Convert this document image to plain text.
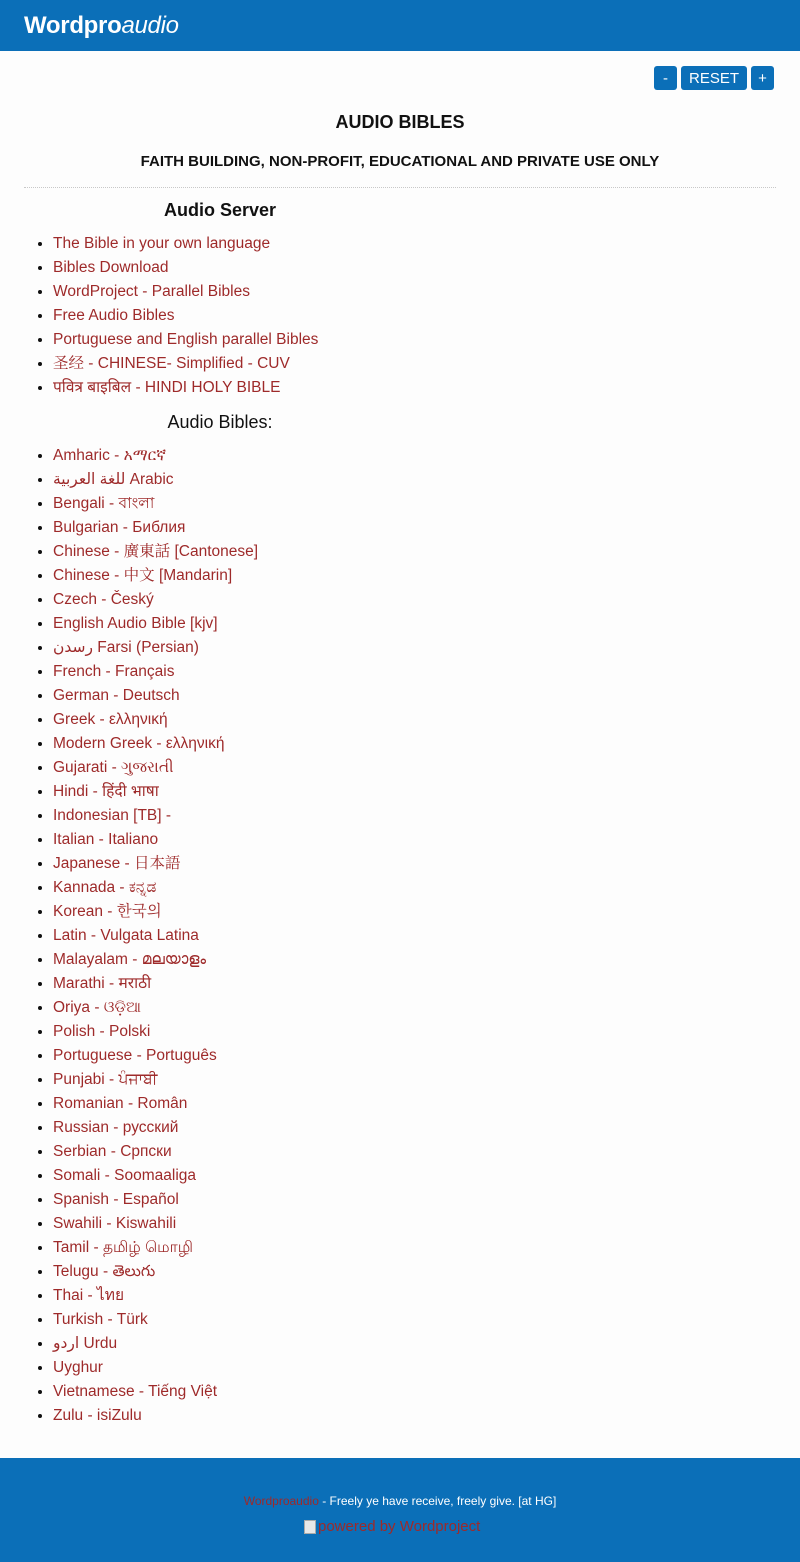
Wordproaudio
-	RESET	+
AUDIO BIBLES
FAITH BUILDING, NON-PROFIT, EDUCATIONAL AND PRIVATE USE ONLY
Audio Server
• The Bible in your own language
• Bibles Download
• WordProject - Parallel Bibles
• Free Audio Bibles
• Portuguese and English parallel Bibles
• 圣经 - CHINESE- Simplified - CUV
• पवित्र बाइबिल - HINDI HOLY BIBLE
Audio Bibles:
• Amharic - አማርኛ
• للغة العربية Arabic
• Bengali - বাংলা
• Bulgarian - Библия
• Chinese - 廣東話 [Cantonese]
• Chinese - 中文 [Mandarin]
• Czech - Český
• English Audio Bible [kjv]
• رسدن Farsi (Persian)
• French - Français
• German - Deutsch
• Greek - ελληνική
• Modern Greek - ελληνική
• Gujarati - ગુજરાતી
• Hindi - हिंदी भाषा
• Indonesian [TB] -
• Italian - Italiano
• Japanese - 日本語
• Kannada - ಕನ್ನಡ
• Korean - 한국의
• Latin - Vulgata Latina
• Malayalam - മലയാളം
• Marathi - मराठी
• Oriya - ଓଡ଼ିଆ
• Polish - Polski
• Portuguese - Português
• Punjabi - ਪੰਜਾਬੀ
• Romanian - Român
• Russian - русский
• Serbian - Српски
• Somali - Soomaaliga
• Spanish - Español
• Swahili - Kiswahili
• Tamil - தமிழ் மொழி
• Telugu - తెలుగు
• Thai - ไทย
• Turkish - Türk
• اردو Urdu
• Uyghur
• Vietnamese - Tiếng Việt
• Zulu - isiZulu
Wordproaudio - Freely ye have receive, freely give. [at HG]
powered by Wordproject
